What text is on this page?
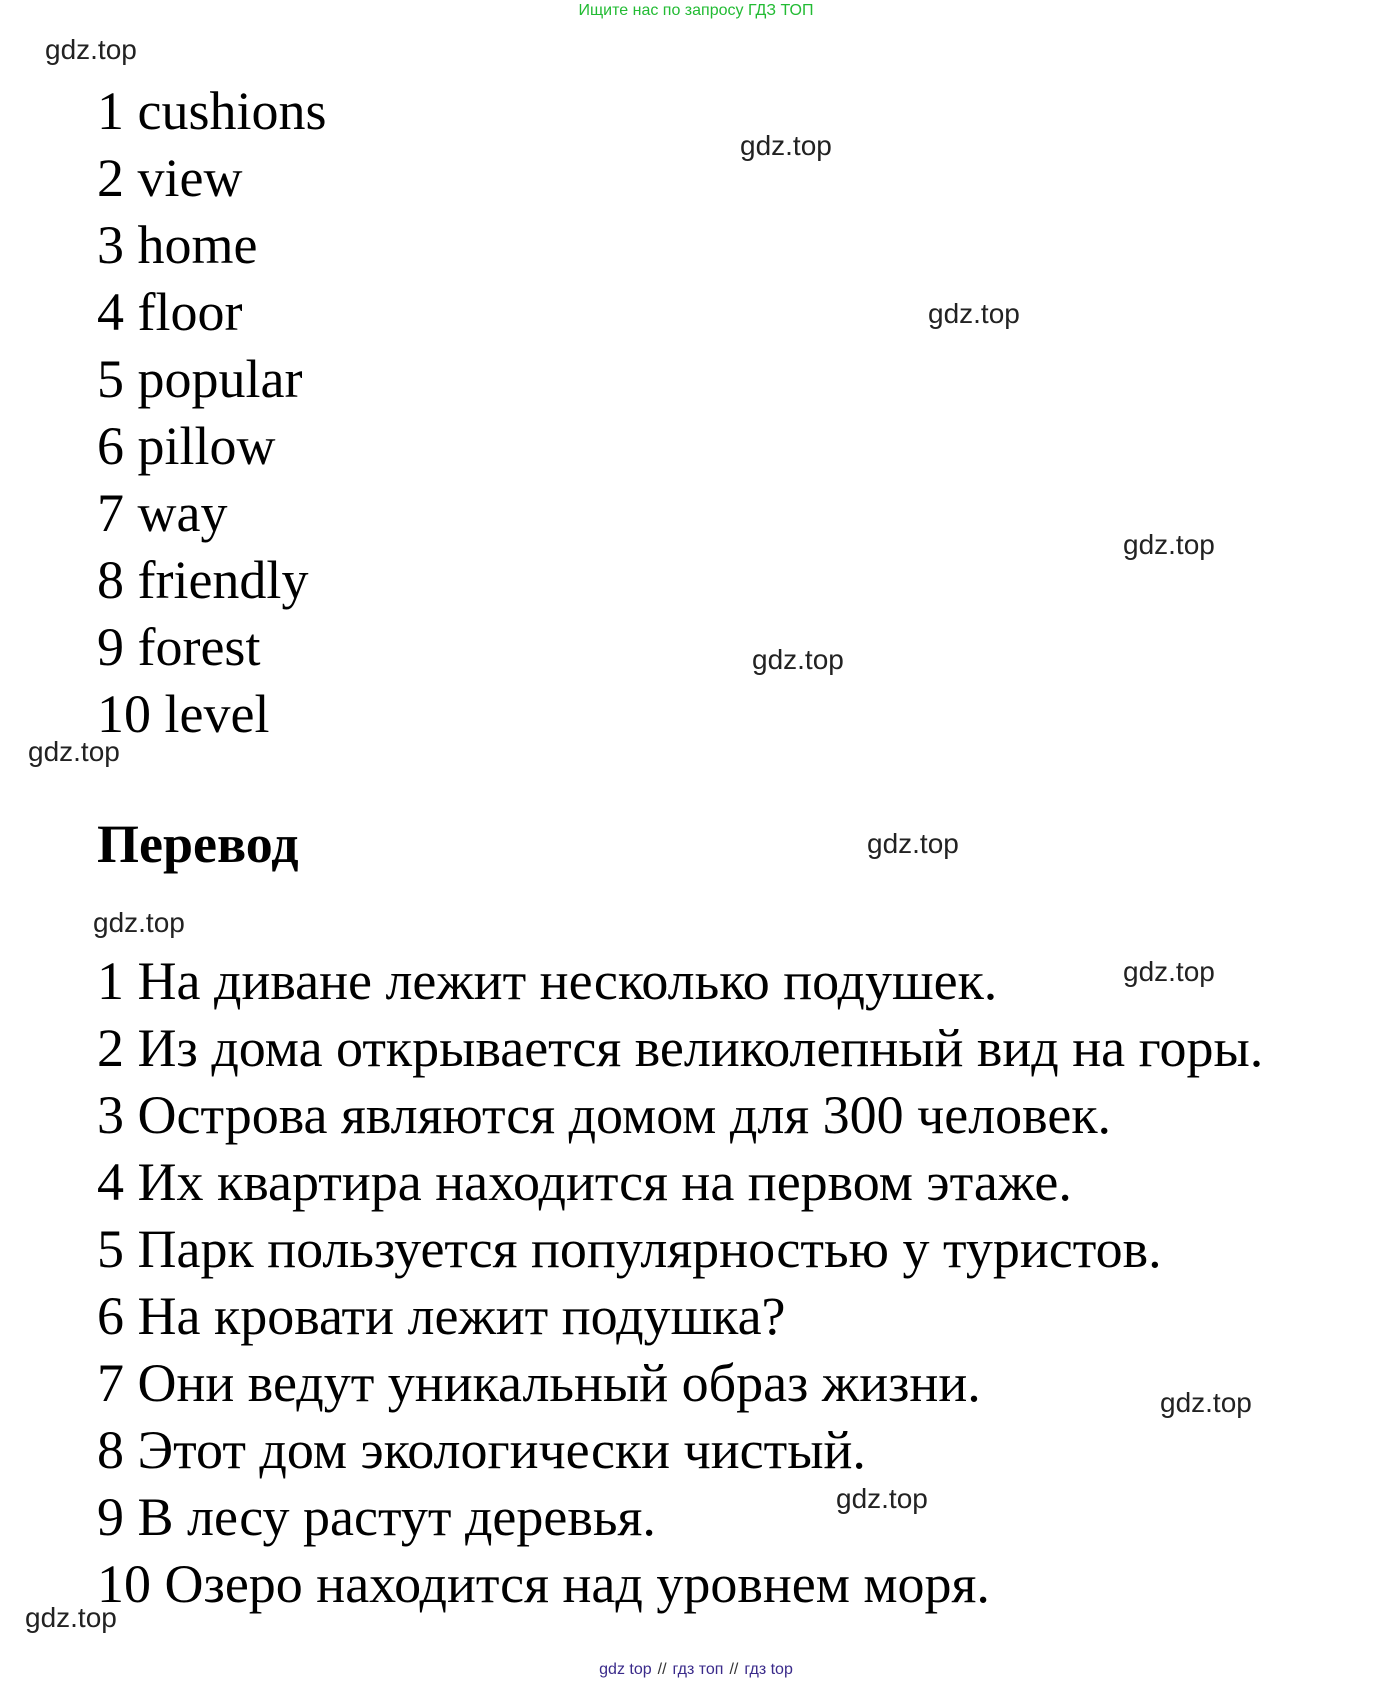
Ищите нас по запросу ГДЗ ТОП
gdz.top
gdz.top
gdz.top
gdz.top
gdz.top
gdz.top
gdz.top
gdz.top
gdz.top
gdz.top
gdz.top
gdz.top
1 cushions
2 view
3 home
4 floor
5 popular
6 pillow
7 way
8 friendly
9 forest
10 level
Перевод
1 На диване лежит несколько подушек.
2 Из дома открывается великолепный вид на горы.
3 Острова являются домом для 300 человек.
4 Их квартира находится на первом этаже.
5 Парк пользуется популярностью у туристов.
6 На кровати лежит подушка?
7 Они ведут уникальный образ жизни.
8 Этот дом экологически чистый.
9 В лесу растут деревья.
10 Озеро находится над уровнем моря.
gdz top // гдз топ // гдз top
